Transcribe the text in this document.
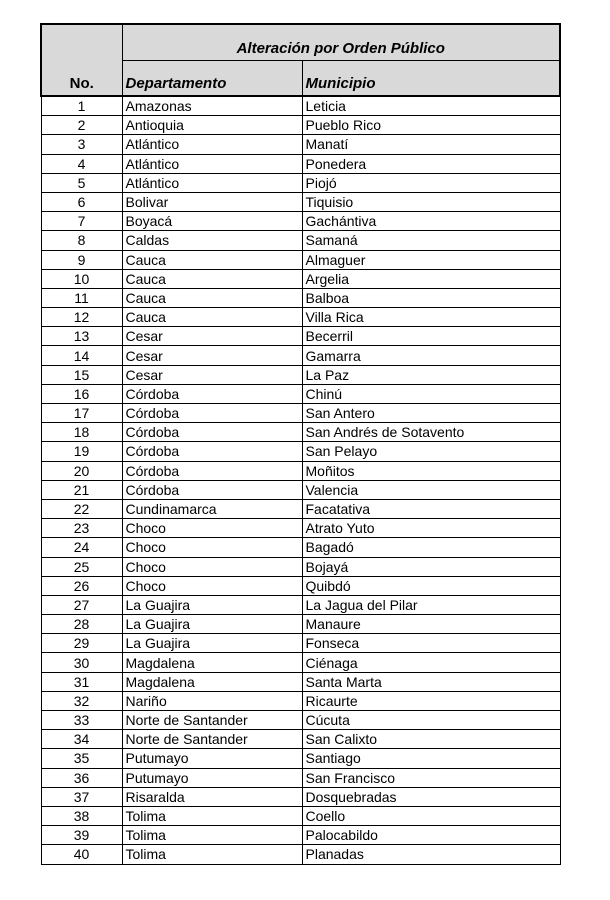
	Alteración por Orden Público	
No.	Departamento	Municipio
1	Amazonas	Leticia
2	Antioquia	Pueblo Rico
3	Atlántico	Manatí
4	Atlántico	Ponedera
5	Atlántico	Piojó
6	Bolivar	Tiquisio
7	Boyacá	Gachántiva
8	Caldas	Samaná
9	Cauca	Almaguer
10	Cauca	Argelia
11	Cauca	Balboa
12	Cauca	Villa Rica
13	Cesar	Becerril
14	Cesar	Gamarra
15	Cesar	La Paz
16	Córdoba	Chinú
17	Córdoba	San Antero
18	Córdoba	San Andrés de Sotavento
19	Córdoba	San Pelayo
20	Córdoba	Moñitos
21	Córdoba	Valencia
22	Cundinamarca	Facatativa
23	Choco	Atrato Yuto
24	Choco	Bagadó
25	Choco	Bojayá
26	Choco	Quibdó
27	La Guajira	La Jagua del Pilar
28	La Guajira	Manaure
29	La Guajira	Fonseca
30	Magdalena	Ciénaga
31	Magdalena	Santa Marta
32	Nariño	Ricaurte
33	Norte de Santander	Cúcuta
34	Norte de Santander	San Calixto
35	Putumayo	Santiago
36	Putumayo	San Francisco
37	Risaralda	Dosquebradas
38	Tolima	Coello
39	Tolima	Palocabildo
40	Tolima	Planadas
